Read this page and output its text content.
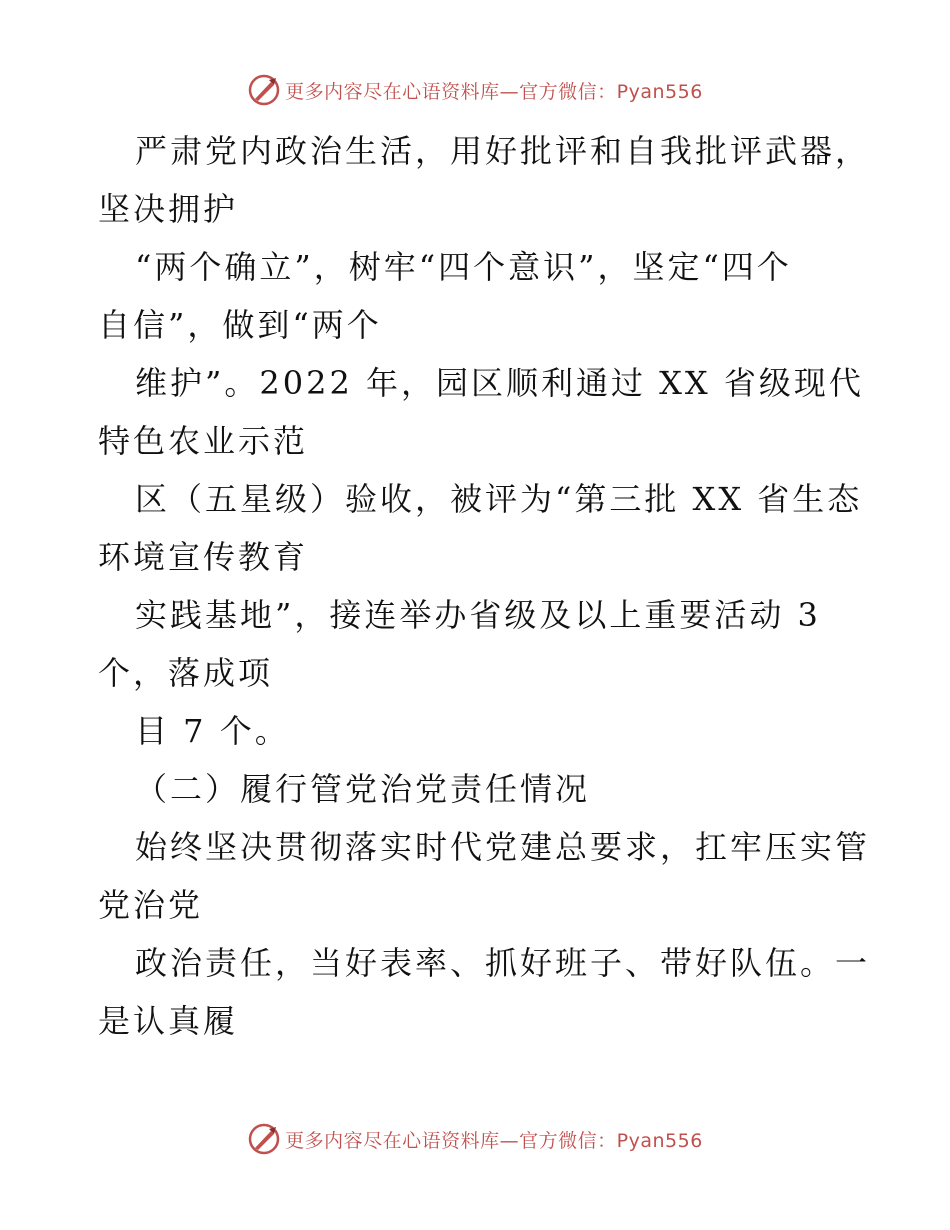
更多内容尽在心语资料库—官方微信：Pyan556
严肃党内政治生活，用好批评和自我批评武器，
坚决拥护
“两个确立”，树牢“四个意识”，坚定“四个
自信”，做到“两个
维护”。2022 年，园区顺利通过 XX 省级现代
特色农业示范
区（五星级）验收，被评为“第三批 XX 省生态
环境宣传教育
实践基地”，接连举办省级及以上重要活动 3
个，落成项
目 7 个。
（二）履行管党治党责任情况
始终坚决贯彻落实时代党建总要求，扛牢压实管
党治党
政治责任，当好表率、抓好班子、带好队伍。一
是认真履
更多内容尽在心语资料库—官方微信：Pyan556
